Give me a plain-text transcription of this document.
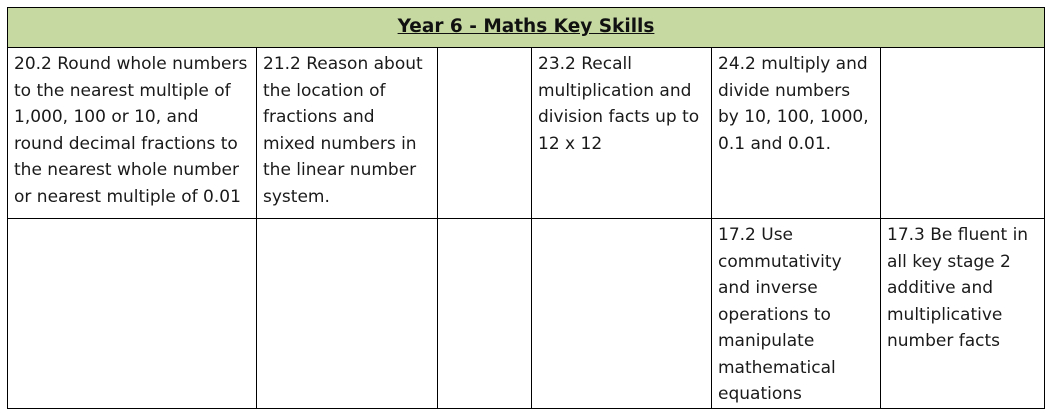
Year 6 - Maths Key Skills					
20.2 Round whole numbers to the nearest multiple of 1,000, 100 or 10, and round decimal fractions to the nearest whole number or nearest multiple of 0.01	21.2 Reason about the location of fractions and mixed numbers in the linear number system.		23.2 Recall multiplication and division facts up to 12 x 12	24.2 multiply and divide numbers by 10, 100, 1000, 0.1 and 0.01.	
				17.2 Use commutativity and inverse operations to manipulate mathematical equations	17.3 Be fluent in all key stage 2 additive and multiplicative number facts
